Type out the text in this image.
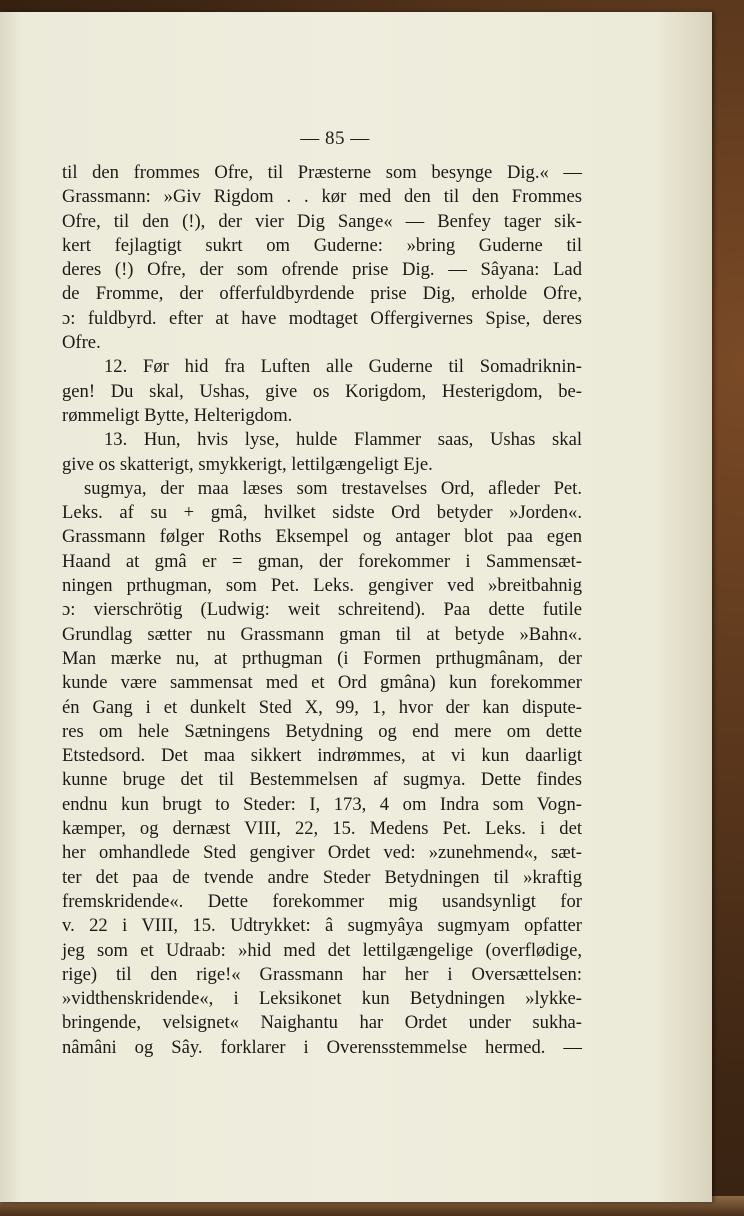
— 85 —
til den frommes Ofre, til Præsterne som besynge Dig.« —
Grassmann: »Giv Rigdom . . kør med den til den Frommes
Ofre, til den (!), der vier Dig Sange« — Benfey tager sik-
kert fejlagtigt sukrt om Guderne: »bring Guderne til
deres (!) Ofre, der som ofrende prise Dig. — Sâyana: Lad
de Fromme, der offerfuldbyrdende prise Dig, erholde Ofre,
ɔ: fuldbyrd. efter at have modtaget Offergivernes Spise, deres
Ofre.
12. Før hid fra Luften alle Guderne til Somadriknin-
gen! Du skal, Ushas, give os Korigdom, Hesterigdom, be-
rømmeligt Bytte, Helterigdom.
13. Hun, hvis lyse, hulde Flammer saas, Ushas skal
give os skatterigt, smykkerigt, lettilgængeligt Eje.
sugmya, der maa læses som trestavelses Ord, afleder Pet.
Leks. af su + gmâ, hvilket sidste Ord betyder »Jorden«.
Grassmann følger Roths Eksempel og antager blot paa egen
Haand at gmâ er = gman, der forekommer i Sammensæt-
ningen prthugman, som Pet. Leks. gengiver ved »breitbahnig
ɔ: vierschrötig (Ludwig: weit schreitend). Paa dette futile
Grundlag sætter nu Grassmann gman til at betyde »Bahn«.
Man mærke nu, at prthugman (i Formen prthugmânam, der
kunde være sammensat med et Ord gmâna) kun forekommer
én Gang i et dunkelt Sted X, 99, 1, hvor der kan dispute-
res om hele Sætningens Betydning og end mere om dette
Etstedsord. Det maa sikkert indrømmes, at vi kun daarligt
kunne bruge det til Bestemmelsen af sugmya. Dette findes
endnu kun brugt to Steder: I, 173, 4 om Indra som Vogn-
kæmper, og dernæst VIII, 22, 15. Medens Pet. Leks. i det
her omhandlede Sted gengiver Ordet ved: »zunehmend«, sæt-
ter det paa de tvende andre Steder Betydningen til »kraftig
fremskridende«. Dette forekommer mig usandsynligt for
v. 22 i VIII, 15. Udtrykket: â sugmyâya sugmyam opfatter
jeg som et Udraab: »hid med det lettilgængelige (overflødige,
rige) til den rige!« Grassmann har her i Oversættelsen:
»vidthenskridende«, i Leksikonet kun Betydningen »lykke-
bringende, velsignet« Naighantu har Ordet under sukha-
nâmâni og Sây. forklarer i Overensstemmelse hermed. —
